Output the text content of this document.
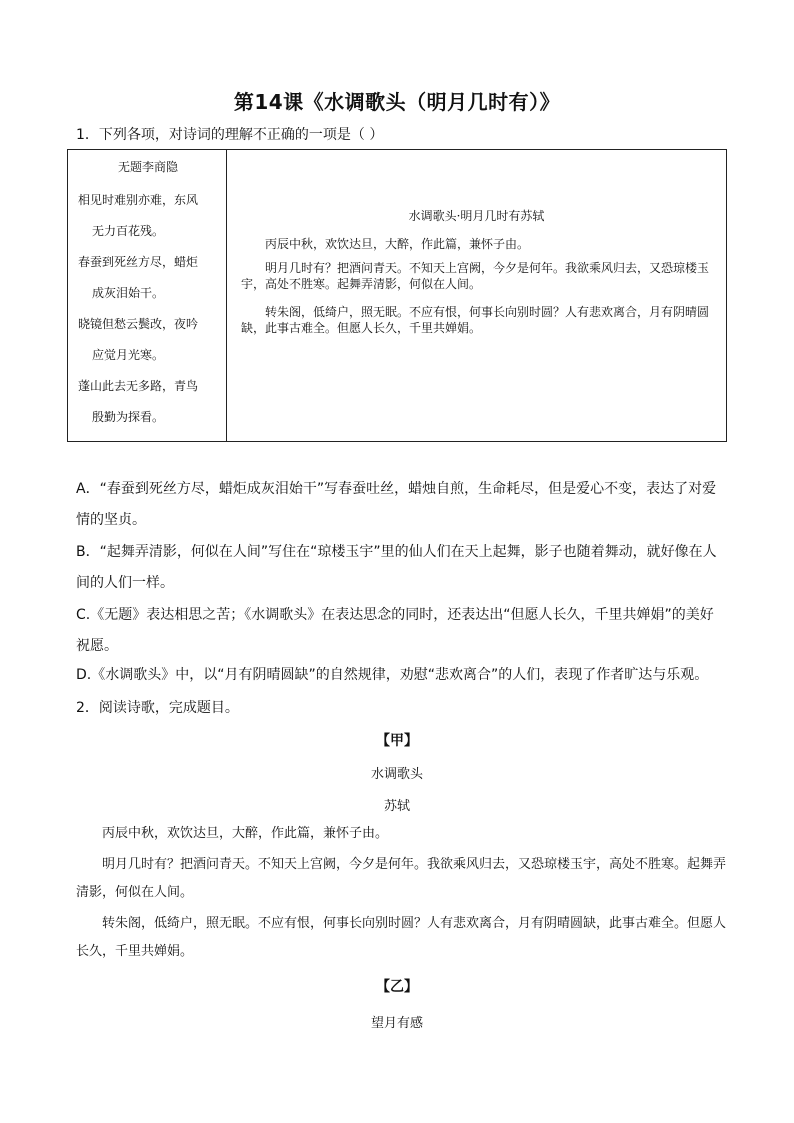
第14课《水调歌头（明月几时有）》
1．下列各项，对诗词的理解不正确的一项是（ ）
无题李商隐
相见时难别亦难，东风
无力百花残。
春蚕到死丝方尽，蜡炬
成灰泪始干。
晓镜但愁云鬓改，夜吟
应觉月光寒。
蓬山此去无多路，青鸟
殷勤为探看。

水调歌头·明月几时有苏轼

丙辰中秋，欢饮达旦，大醉，作此篇，兼怀子由。

明月几时有？把酒问青天。不知天上宫阙，今夕是何年。我欲乘风归去，又恐琼楼玉宇，高处不胜寒。起舞弄清影，何似在人间。

转朱阁，低绮户，照无眠。不应有恨，何事长向别时圆？人有悲欢离合，月有阴晴圆缺，此事古难全。但愿人长久，千里共婵娟。

A．“春蚕到死丝方尽，蜡炬成灰泪始干”写春蚕吐丝，蜡烛自煎，生命耗尽，但是爱心不变，表达了对爱情的坚贞。
B．“起舞弄清影，何似在人间”写住在“琼楼玉宇”里的仙人们在天上起舞，影子也随着舞动，就好像在人间的人们一样。
C.《无题》表达相思之苦；《水调歌头》在表达思念的同时，还表达出“但愿人长久，千里共婵娟”的美好祝愿。
D.《水调歌头》中，以“月有阴晴圆缺”的自然规律，劝慰“悲欢离合”的人们，表现了作者旷达与乐观。
2．阅读诗歌，完成题目。
【甲】
水调歌头
苏轼

丙辰中秋，欢饮达旦，大醉，作此篇，兼怀子由。

明月几时有？把酒问青天。不知天上宫阙，今夕是何年。我欲乘风归去，又恐琼楼玉宇，高处不胜寒。起舞弄清影，何似在人间。

转朱阁，低绮户，照无眠。不应有恨，何事长向别时圆？人有悲欢离合，月有阴晴圆缺，此事古难全。但愿人长久，千里共婵娟。

【乙】
望月有感
